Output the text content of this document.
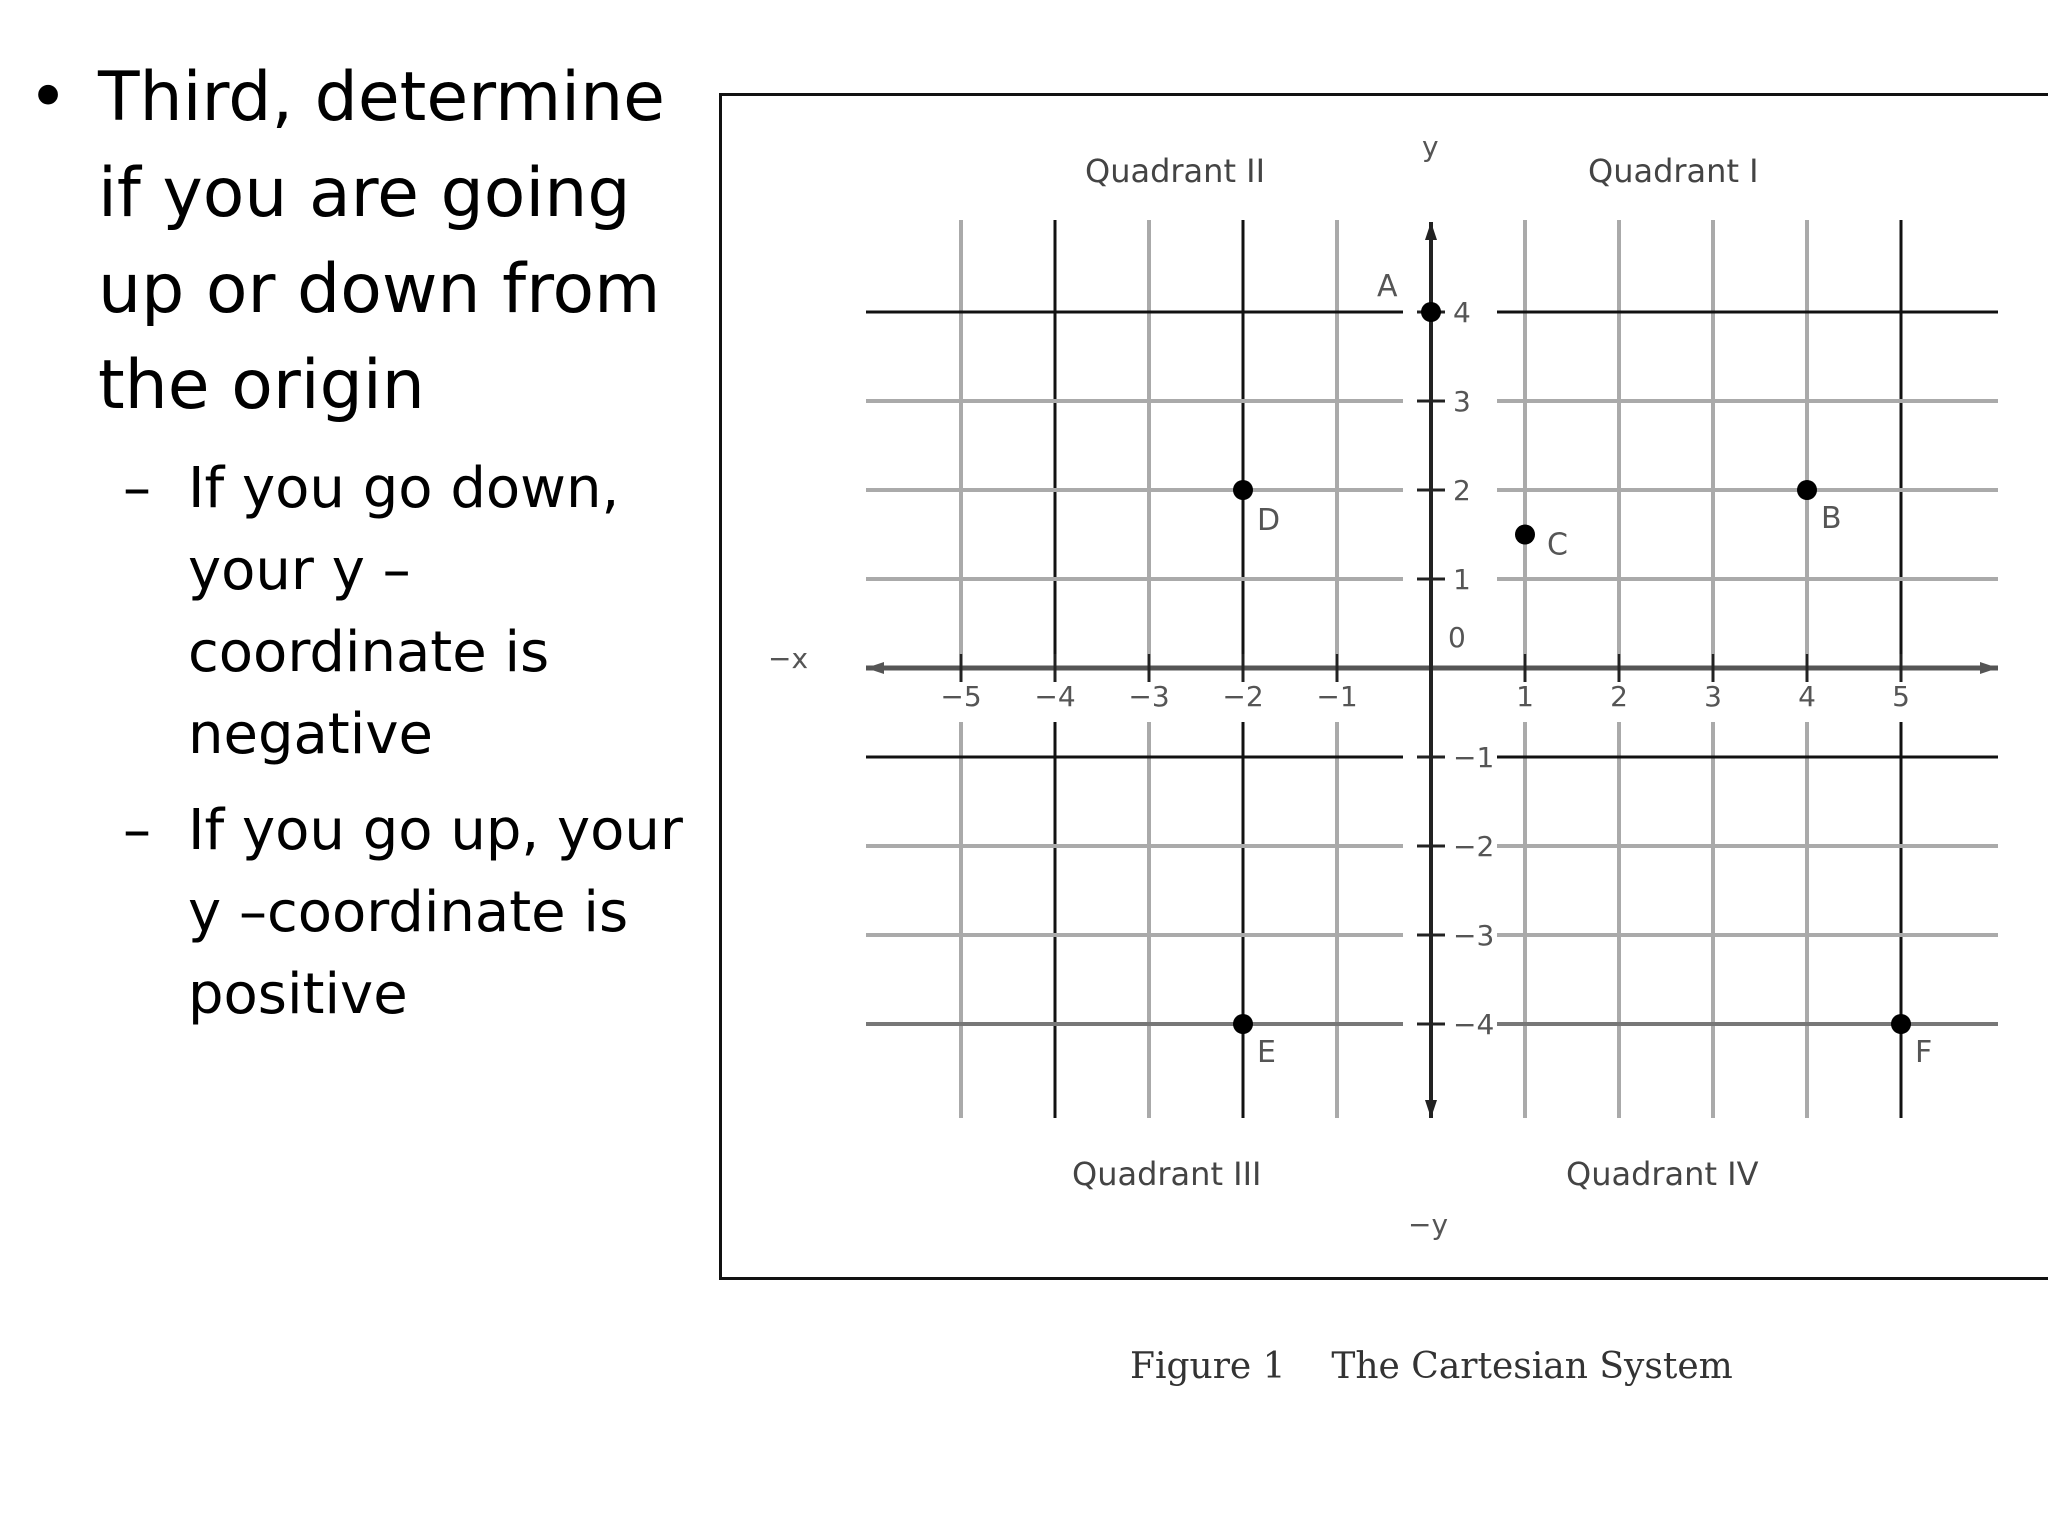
• Third, determine if you are going up or down from the origin
– If you go down, your y – coordinate is negative
– If you go up, your y –coordinate is positive
−5 −4 −3 −2 −1	1	2	3	4	5
−4
−3
−2
−1
1
2
3
4
Quadrant II	Quadrant I
Quadrant III	Quadrant IV
y
−y
−x
0
A
B
C
D
E	F
Figure 1    The Cartesian System
